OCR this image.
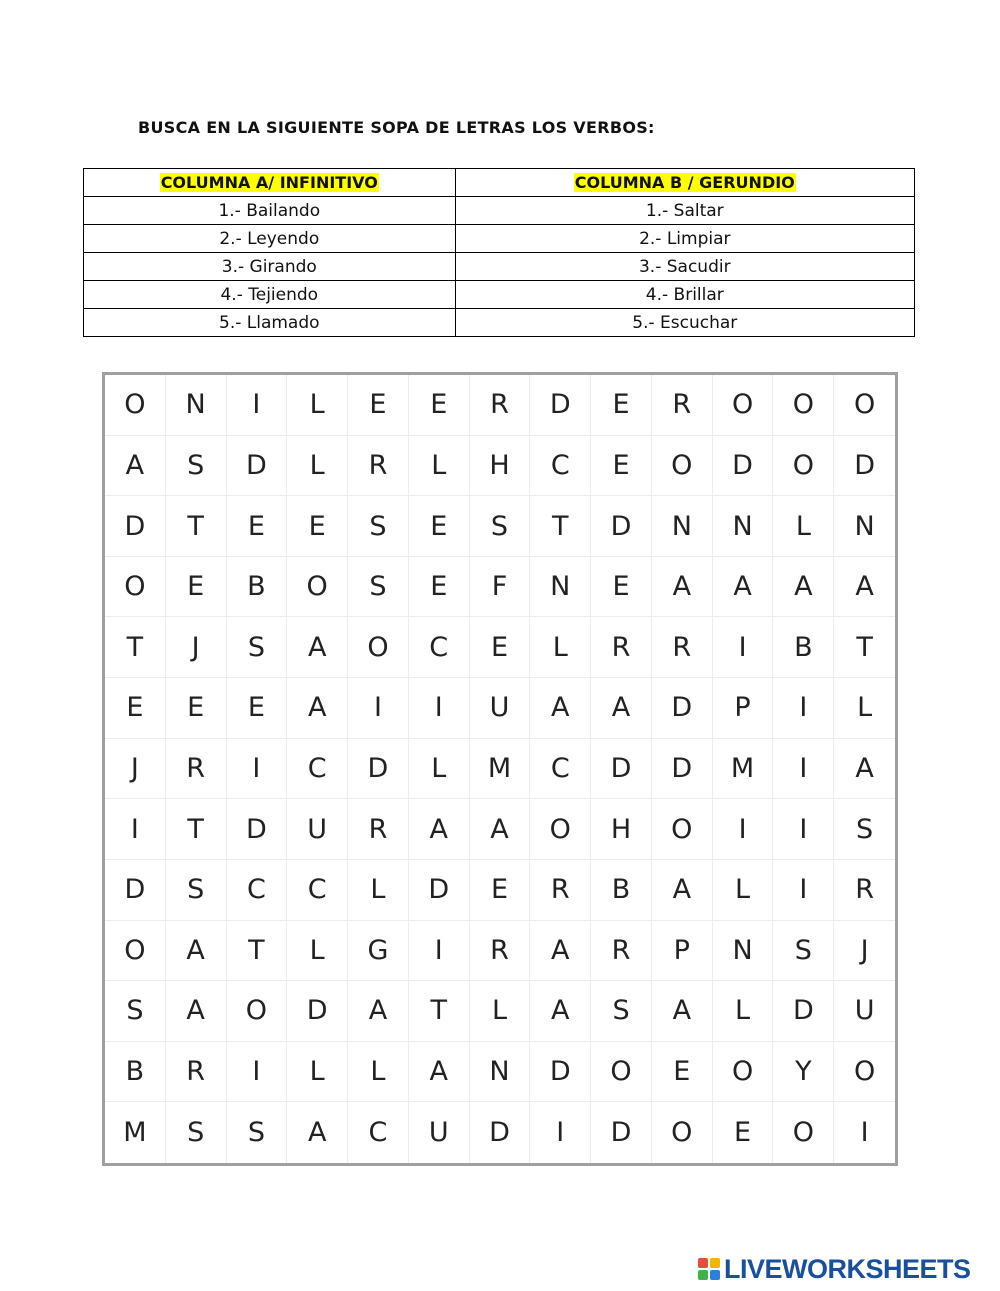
BUSCA EN LA SIGUIENTE SOPA DE LETRAS LOS VERBOS:
COLUMNA A/ INFINITIVO	COLUMNA B / GERUNDIO
1.- Bailando	1.- Saltar
2.- Leyendo	2.- Limpiar
3.- Girando	3.- Sacudir
4.- Tejiendo	4.- Brillar
5.- Llamado	5.- Escuchar
O	N	I	L	E	E	R	D	E	R	O	O	O
A	S	D	L	R	L	H	C	E	O	D	O	D
D	T	E	E	S	E	S	T	D	N	N	L	N
O	E	B	O	S	E	F	N	E	A	A	A	A
T	J	S	A	O	C	E	L	R	R	I	B	T
E	E	E	A	I	I	U	A	A	D	P	I	L
J	R	I	C	D	L	M	C	D	D	M	I	A
I	T	D	U	R	A	A	O	H	O	I	I	S
D	S	C	C	L	D	E	R	B	A	L	I	R
O	A	T	L	G	I	R	A	R	P	N	S	J
S	A	O	D	A	T	L	A	S	A	L	D	U
B	R	I	L	L	A	N	D	O	E	O	Y	O
M	S	S	A	C	U	D	I	D	O	E	O	I
LIVEWORKSHEETS
